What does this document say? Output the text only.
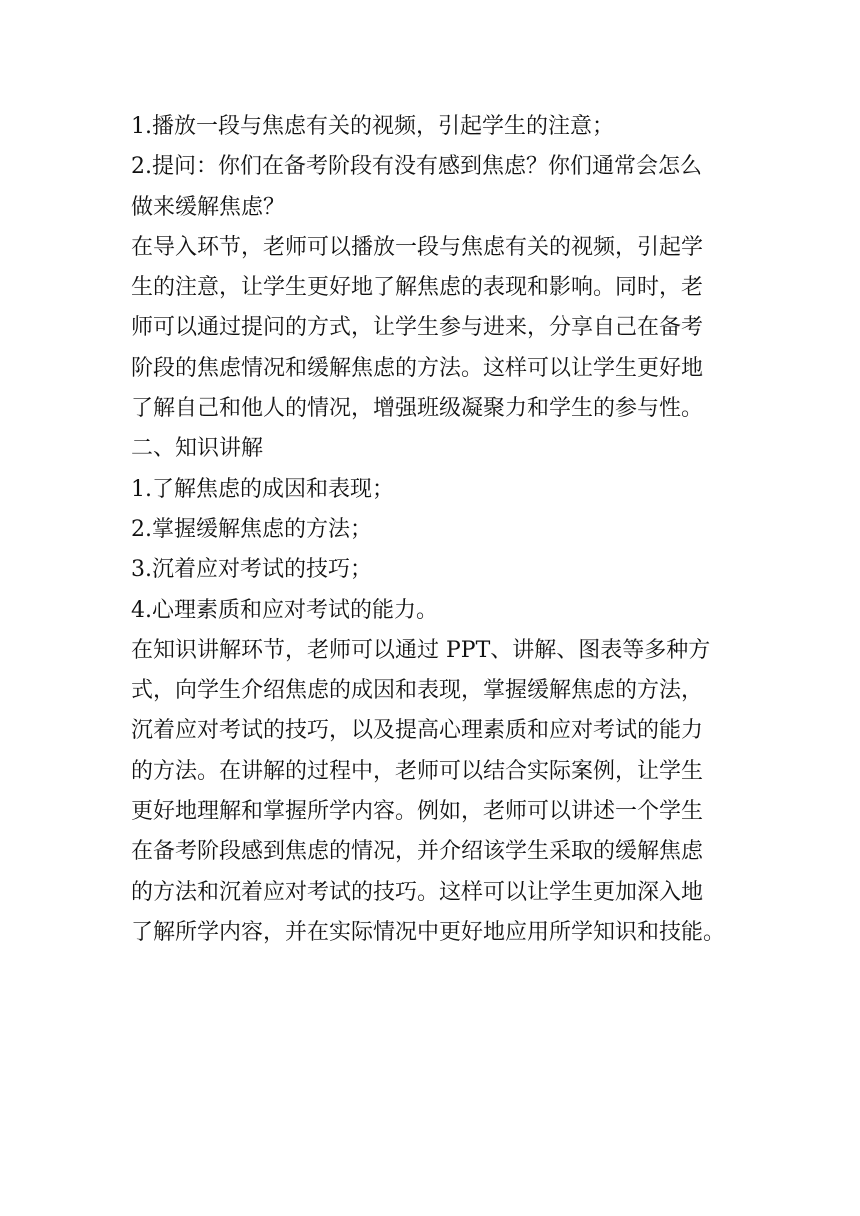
1.播放一段与焦虑有关的视频，引起学生的注意；

2.提问：你们在备考阶段有没有感到焦虑？你们通常会怎么

做来缓解焦虑？

在导入环节，老师可以播放一段与焦虑有关的视频，引起学

生的注意，让学生更好地了解焦虑的表现和影响。同时，老

师可以通过提问的方式，让学生参与进来，分享自己在备考

阶段的焦虑情况和缓解焦虑的方法。这样可以让学生更好地

了解自己和他人的情况，增强班级凝聚力和学生的参与性。

二、知识讲解

1.了解焦虑的成因和表现；

2.掌握缓解焦虑的方法；

3.沉着应对考试的技巧；

4.心理素质和应对考试的能力。

在知识讲解环节，老师可以通过 PPT、讲解、图表等多种方

式，向学生介绍焦虑的成因和表现，掌握缓解焦虑的方法，

沉着应对考试的技巧，以及提高心理素质和应对考试的能力

的方法。在讲解的过程中，老师可以结合实际案例，让学生

更好地理解和掌握所学内容。例如，老师可以讲述一个学生

在备考阶段感到焦虑的情况，并介绍该学生采取的缓解焦虑

的方法和沉着应对考试的技巧。这样可以让学生更加深入地

了解所学内容，并在实际情况中更好地应用所学知识和技能。
